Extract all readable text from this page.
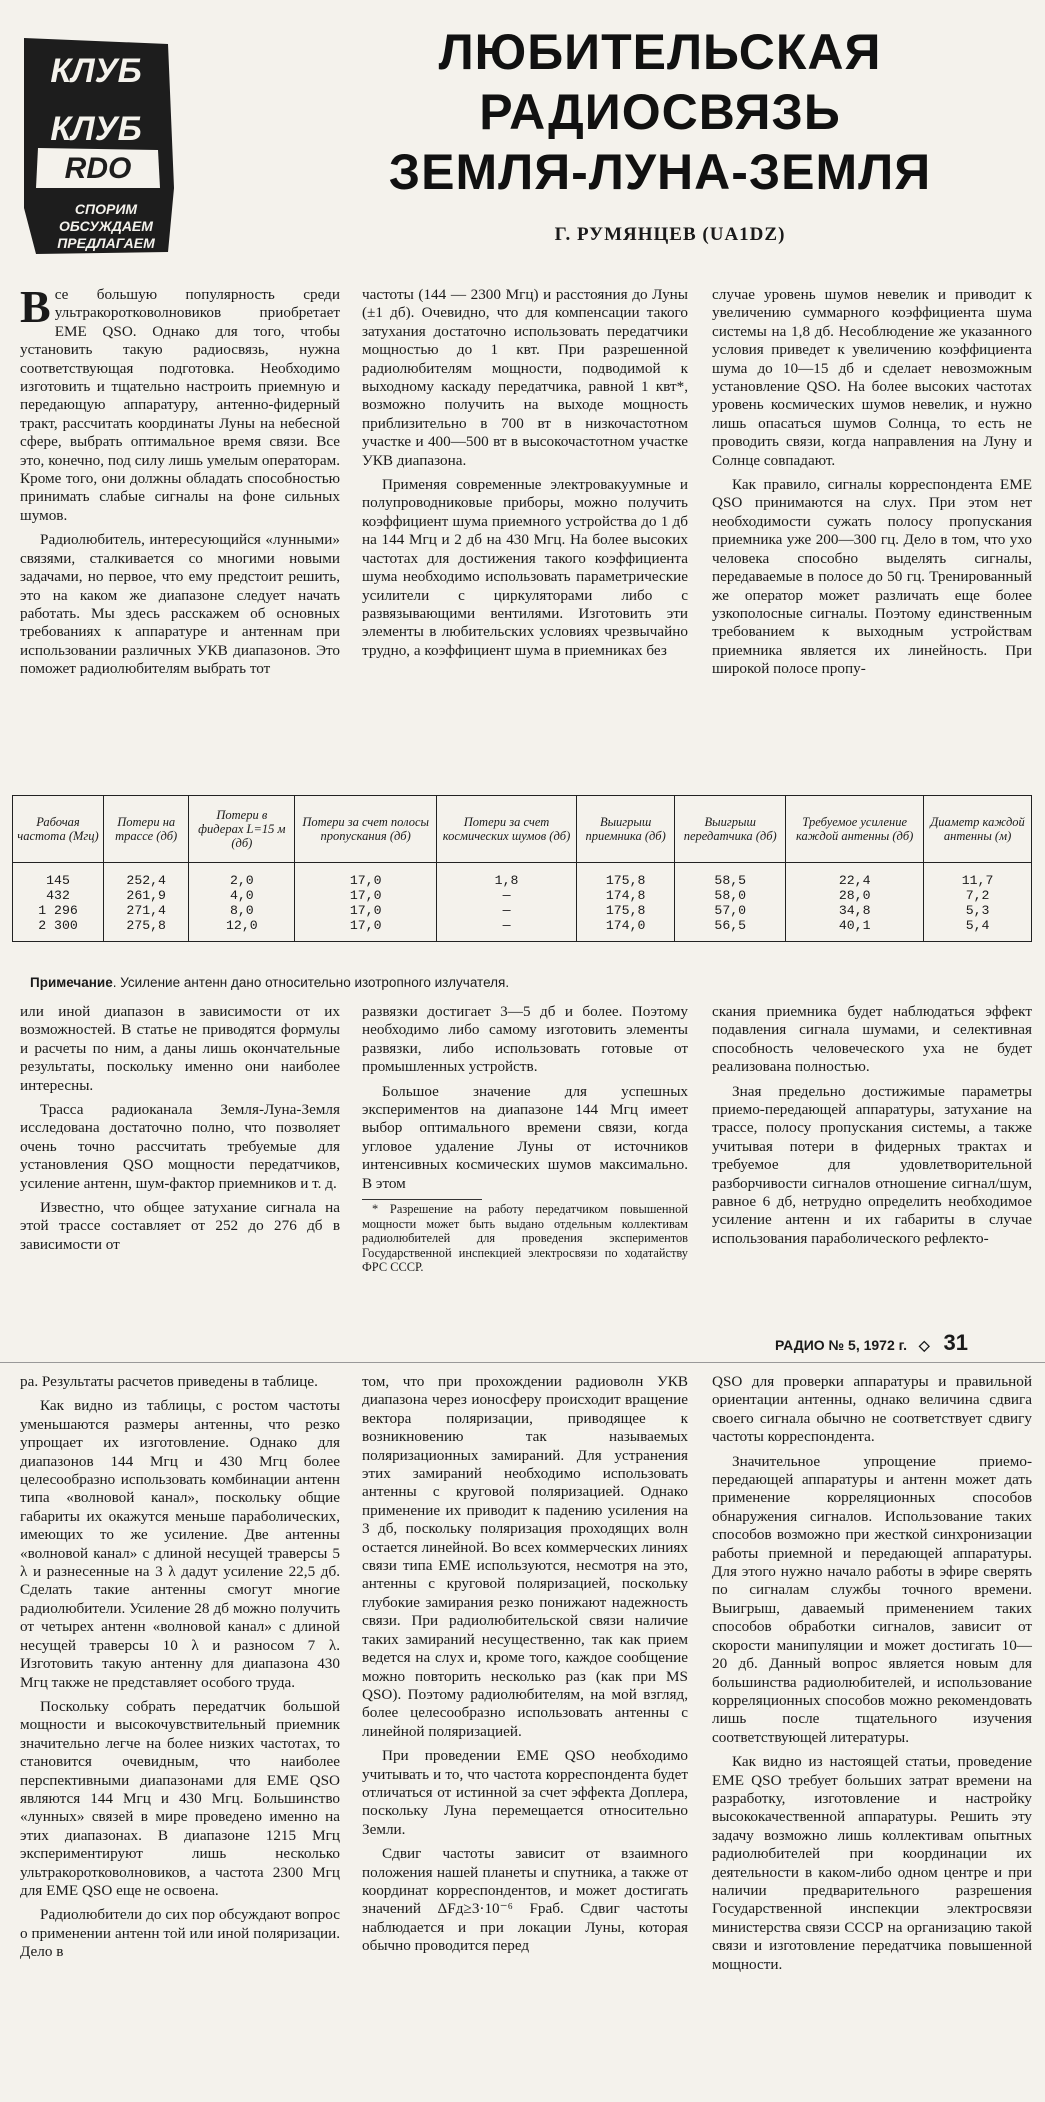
КЛУБ
КЛУБ
RDO
СПОРИМ
ОБСУЖДАЕМ
ПРЕДЛАГАЕМ
ЛЮБИТЕЛЬСКАЯ
РАДИОСВЯЗЬ
ЗЕМЛЯ-ЛУНА-ЗЕМЛЯ
Г. РУМЯНЦЕВ (UA1DZ)

Все большую популярность среди ультракоротковолновиков приобретает EME QSO. Однако для того, чтобы установить такую радиосвязь, нужна соответствующая подготовка. Необходимо изготовить и тщательно настроить приемную и передающую аппаратуру, антенно-фидерный тракт, рассчитать координаты Луны на небесной сфере, выбрать оптимальное время связи. Все это, конечно, под силу лишь умелым операторам. Кроме того, они должны обладать способностью принимать слабые сигналы на фоне сильных шумов.

Радиолюбитель, интересующийся «лунными» связями, сталкивается со многими новыми задачами, но первое, что ему предстоит решить, это на каком же диапазоне следует начать работать. Мы здесь расскажем об основных требованиях к аппаратуре и антеннам при использовании различных УКВ диапазонов. Это поможет радиолюбителям выбрать тот

частоты (144 — 2300 Мгц) и расстояния до Луны (±1 дб). Очевидно, что для компенсации такого затухания достаточно использовать передатчики мощностью до 1 квт. При разрешенной радиолюбителям мощности, подводимой к выходному каскаду передатчика, равной 1 квт*, возможно получить на выходе мощность приблизительно в 700 вт в низкочастотном участке и 400—500 вт в высокочастотном участке УКВ диапазона.

Применяя современные электровакуумные и полупроводниковые приборы, можно получить коэффициент шума приемного устройства до 1 дб на 144 Мгц и 2 дб на 430 Мгц. На более высоких частотах для достижения такого коэффициента шума необходимо использовать параметрические усилители с циркуляторами либо с развязывающими вентилями. Изготовить эти элементы в любительских условиях чрезвычайно трудно, а коэффициент шума в приемниках без

случае уровень шумов невелик и приводит к увеличению суммарного коэффициента шума системы на 1,8 дб. Несоблюдение же указанного условия приведет к увеличению коэффициента шума до 10—15 дб и сделает невозможным установление QSO. На более высоких частотах уровень космических шумов невелик, и нужно лишь опасаться шумов Солнца, то есть не проводить связи, когда направления на Луну и Солнце совпадают.

Как правило, сигналы корреспондента EME QSO принимаются на слух. При этом нет необходимости сужать полосу пропускания приемника уже 200—300 гц. Дело в том, что ухо человека способно выделять сигналы, передаваемые в полосе до 50 гц. Тренированный же оператор может различать еще более узкополосные сигналы. Поэтому единственным требованием к выходным устройствам приемника является их линейность. При широкой полосе пропу-

Рабочая частота (Мгц)	Потери на трассе (дб)	Потери в фидерах L=15 м (дб)	Потери за счет полосы пропускания (дб)	Потери за счет космических шумов (дб)	Выигрыш приемника (дб)	Выигрыш передатчика (дб)	Требуемое усиление каждой антенны (дб)	Диаметр каждой антенны (м)
145	252,4	2,0	17,0	1,8	175,8	58,5	22,4	11,7
432	261,9	4,0	17,0	—	174,8	58,0	28,0	7,2
1 296	271,4	8,0	17,0	—	175,8	57,0	34,8	5,3
2 300	275,8	12,0	17,0	—	174,0	56,5	40,1	5,4
Примечание. Усиление антенн дано относительно изотропного излучателя.

или иной диапазон в зависимости от их возможностей. В статье не приводятся формулы и расчеты по ним, а даны лишь окончательные результаты, поскольку именно они наиболее интересны.

Трасса радиоканала Земля-Луна-Земля исследована достаточно полно, что позволяет очень точно рассчитать требуемые для установления QSO мощности передатчиков, усиление антенн, шум-фактор приемников и т. д.

Известно, что общее затухание сигнала на этой трассе составляет от 252 до 276 дб в зависимости от

развязки достигает 3—5 дб и более. Поэтому необходимо либо самому изготовить элементы развязки, либо использовать готовые от промышленных устройств.

Большое значение для успешных экспериментов на диапазоне 144 Мгц имеет выбор оптимального времени связи, когда угловое удаление Луны от источников интенсивных космических шумов максимально. В этом

* Разрешение на работу передатчиком повышенной мощности может быть выдано отдельным коллективам радиолюбителей для проведения экспериментов Государственной инспекцией электросвязи по ходатайству ФРС СССР.

скания приемника будет наблюдаться эффект подавления сигнала шумами, и селективная способность человеческого уха не будет реализована полностью.

Зная предельно достижимые параметры приемо-передающей аппаратуры, затухание на трассе, полосу пропускания системы, а также учитывая потери в фидерных трактах и требуемое для удовлетворительной разборчивости сигналов отношение сигнал/шум, равное 6 дб, нетрудно определить необходимое усиление антенн и их габариты в случае использования параболического рефлекто-

РАДИО № 5, 1972 г. ◇ 31

ра. Результаты расчетов приведены в таблице.

Как видно из таблицы, с ростом частоты уменьшаются размеры антенны, что резко упрощает их изготовление. Однако для диапазонов 144 Мгц и 430 Мгц более целесообразно использовать комбинации антенн типа «волновой канал», поскольку общие габариты их окажутся меньше параболических, имеющих то же усиление. Две антенны «волновой канал» с длиной несущей траверсы 5 λ и разнесенные на 3 λ дадут усиление 22,5 дб. Сделать такие антенны смогут многие радиолюбители. Усиление 28 дб можно получить от четырех антенн «волновой канал» с длиной несущей траверсы 10 λ и разносом 7 λ. Изготовить такую антенну для диапазона 430 Мгц также не представляет особого труда.

Поскольку собрать передатчик большой мощности и высокочувствительный приемник значительно легче на более низких частотах, то становится очевидным, что наиболее перспективными диапазонами для EME QSO являются 144 Мгц и 430 Мгц. Большинство «лунных» связей в мире проведено именно на этих диапазонах. В диапазоне 1215 Мгц экспериментируют лишь несколько ультракоротковолновиков, а частота 2300 Мгц для EME QSO еще не освоена.

Радиолюбители до сих пор обсуждают вопрос о применении антенн той или иной поляризации. Дело в

том, что при прохождении радиоволн УКВ диапазона через ионосферу происходит вращение вектора поляризации, приводящее к возникновению так называемых поляризационных замираний. Для устранения этих замираний необходимо использовать антенны с круговой поляризацией. Однако применение их приводит к падению усиления на 3 дб, поскольку поляризация проходящих волн остается линейной. Во всех коммерческих линиях связи типа EME используются, несмотря на это, антенны с круговой поляризацией, поскольку глубокие замирания резко понижают надежность связи. При радиолюбительской связи наличие таких замираний несущественно, так как прием ведется на слух и, кроме того, каждое сообщение можно повторить несколько раз (как при MS QSO). Поэтому радиолюбителям, на мой взгляд, более целесообразно использовать антенны с линейной поляризацией.

При проведении EME QSO необходимо учитывать и то, что частота корреспондента будет отличаться от истинной за счет эффекта Доплера, поскольку Луна перемещается относительно Земли.

Сдвиг частоты зависит от взаимного положения нашей планеты и спутника, а также от координат корреспондентов, и может достигать значений ΔFд≥3·10⁻⁶ Fраб. Сдвиг частоты наблюдается и при локации Луны, которая обычно проводится перед

QSO для проверки аппаратуры и правильной ориентации антенны, однако величина сдвига своего сигнала обычно не соответствует сдвигу частоты корреспондента.

Значительное упрощение приемо-передающей аппаратуры и антенн может дать применение корреляционных способов обнаружения сигналов. Использование таких способов возможно при жесткой синхронизации работы приемной и передающей аппаратуры. Для этого нужно начало работы в эфире сверять по сигналам службы точного времени. Выигрыш, даваемый применением таких способов обработки сигналов, зависит от скорости манипуляции и может достигать 10—20 дб. Данный вопрос является новым для большинства радиолюбителей, и использование корреляционных способов можно рекомендовать лишь после тщательного изучения соответствующей литературы.

Как видно из настоящей статьи, проведение EME QSO требует больших затрат времени на разработку, изготовление и настройку высококачественной аппаратуры. Решить эту задачу возможно лишь коллективам опытных радиолюбителей при координации их деятельности в каком-либо одном центре и при наличии предварительного разрешения Государственной инспекции электросвязи министерства связи СССР на организацию такой связи и изготовление передатчика повышенной мощности.
